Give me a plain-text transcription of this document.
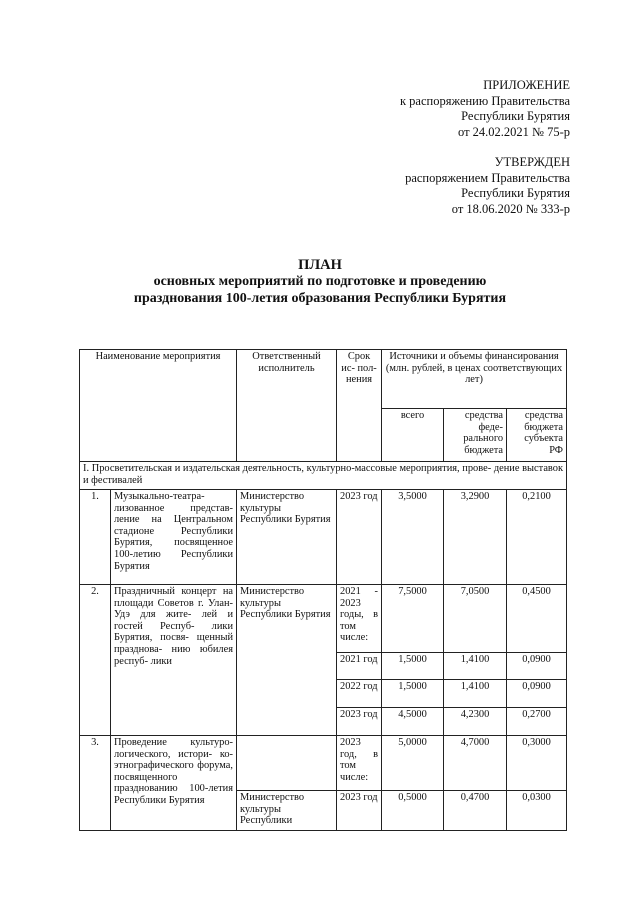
ПРИЛОЖЕНИЕ
к распоряжению Правительства
Республики Бурятия
от 24.02.2021 № 75-р
УТВЕРЖДЕН
распоряжением Правительства
Республики Бурятия
от 18.06.2020 № 333-р
ПЛАН
основных мероприятий по подготовке и проведению
празднования 100-летия образования Республики Бурятия
Наименование мероприятия		Ответственный исполнитель	Срок ис- пол- нения	Источники и объемы финансирования (млн. рублей, в ценах соответствующих лет)		
				всего	средства феде- рального бюджета	средства бюджета субъекта РФ
I. Просветительская и издательская деятельность, культурно-массовые мероприятия, прове- дение выставок и фестивалей						
1.	Музыкально-театра- лизованное представ- ление на Центральном стадионе Республики Бурятия, посвященное 100-летию Республики Бурятия	Министерство культуры Республики Бурятия	2023 год	3,5000	3,2900	0,2100
2.	Праздничный концерт на площади Советов г. Улан-Удэ для жите- лей и гостей Респуб- лики Бурятия, посвя- щенный празднова- нию юбилея респуб- лики	Министерство культуры Республики Бурятия	2021 - 2023 годы, в том числе:	7,5000	7,0500	0,4500
			2021 год	1,5000	1,4100	0,0900
			2022 год	1,5000	1,4100	0,0900
			2023 год	4,5000	4,2300	0,2700
3.	Проведение культуро- логического, истори- ко-этнографического форума, посвященного празднованию 100-летия Республики Бурятия		2023 год, в том числе:	5,0000	4,7000	0,3000
		Министерство культуры Республики	2023 год	0,5000	0,4700	0,0300
